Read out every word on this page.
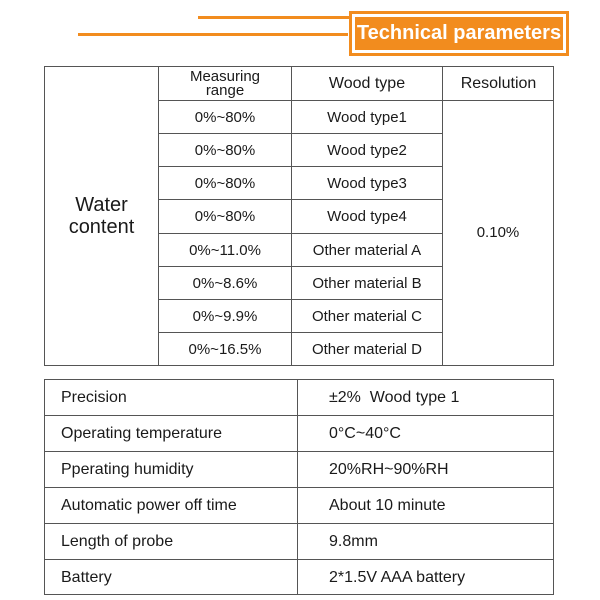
Technical parameters
Water content
Measuring range	Wood type	Resolution
0%~80%	Wood type1
0%~80%	Wood type2
0%~80%	Wood type3
0%~80%	Wood type4
0%~11.0%	Other material A
0%~8.6%	Other material B
0%~9.9%	Other material C
0%~16.5%	Other material D
0.10%
Precision	±2%  Wood type 1
Operating temperature	0°C~40°C
Pperating humidity	20%RH~90%RH
Automatic power off time	About 10 minute
Length of probe	9.8mm
Battery	2*1.5V AAA battery
